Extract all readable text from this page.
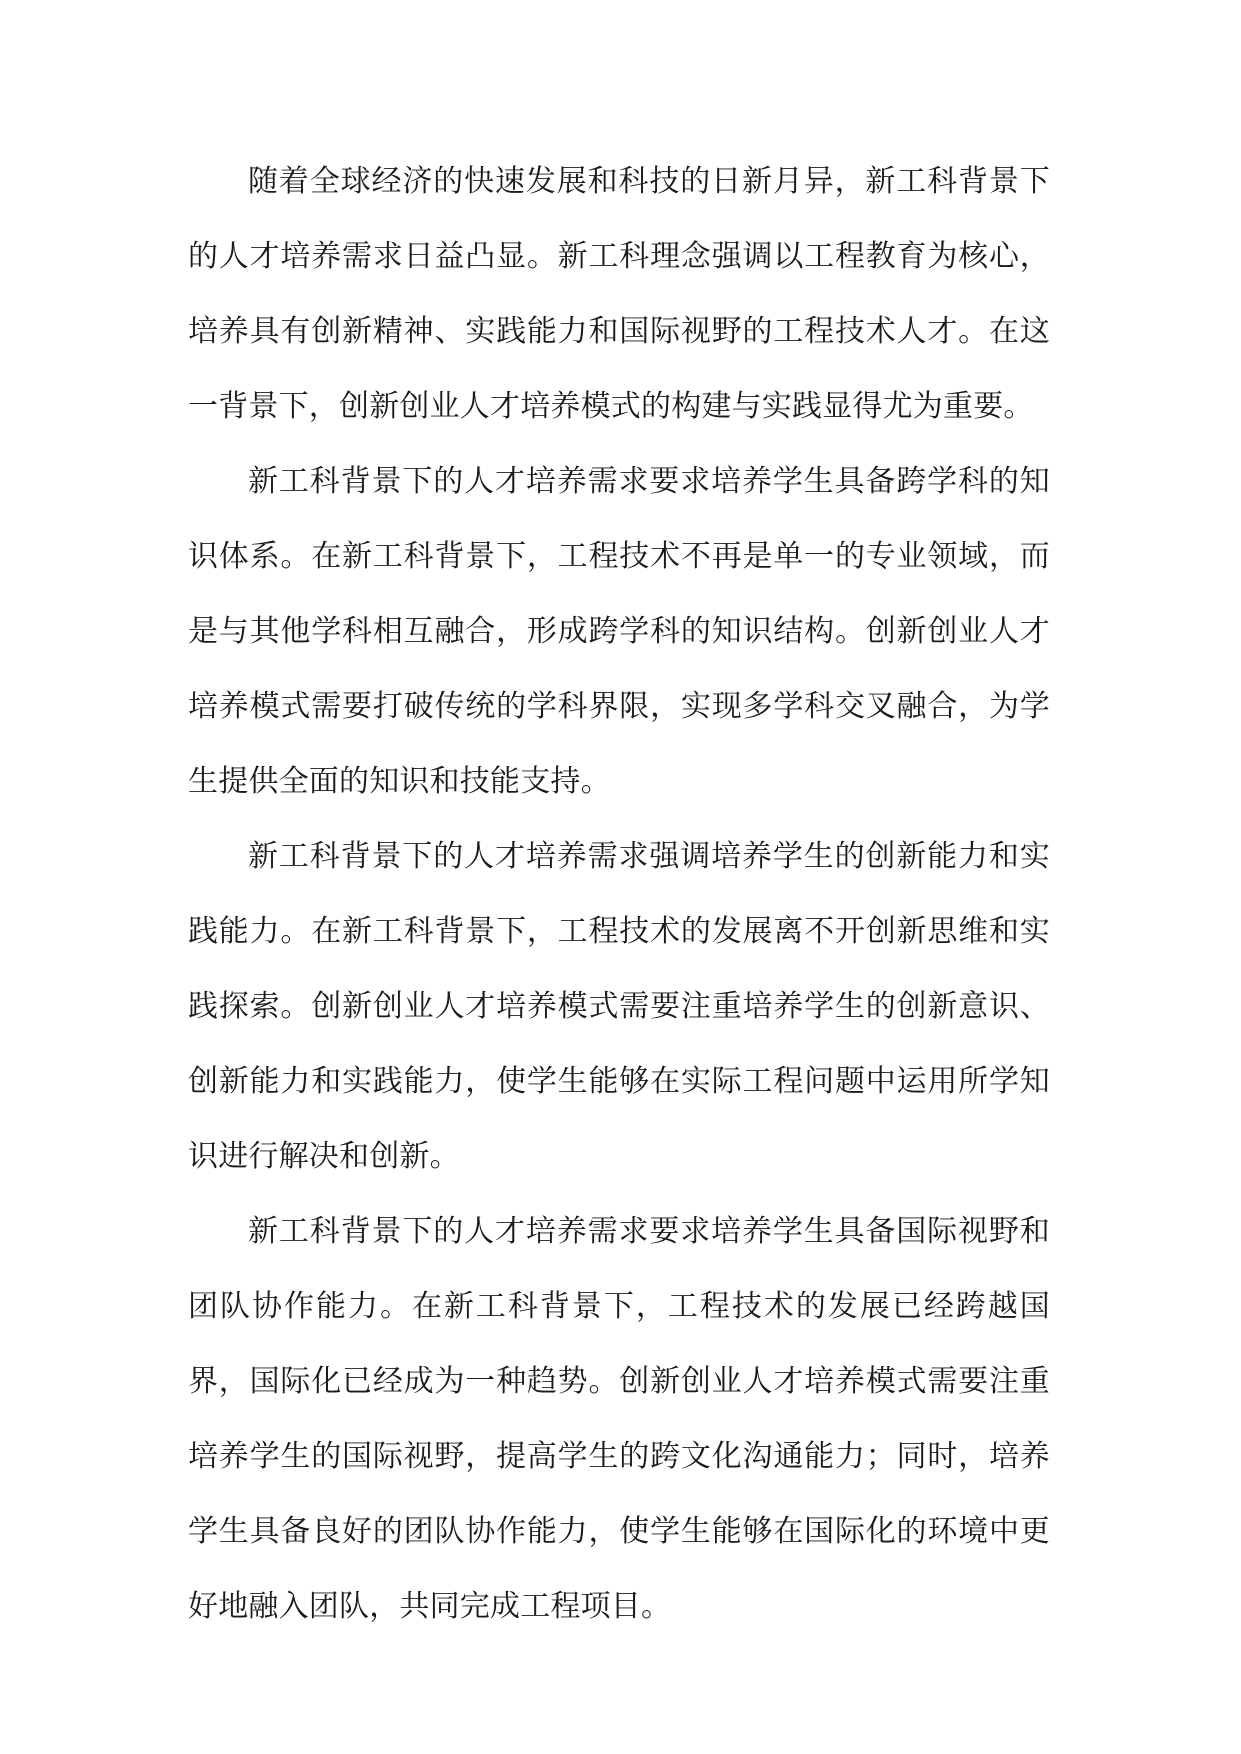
随着全球经济的快速发展和科技的日新月异，新工科背景下的人才培养需求日益凸显。新工科理念强调以工程教育为核心，培养具有创新精神、实践能力和国际视野的工程技术人才。在这一背景下，创新创业人才培养模式的构建与实践显得尤为重要。

新工科背景下的人才培养需求要求培养学生具备跨学科的知识体系。在新工科背景下，工程技术不再是单一的专业领域，而是与其他学科相互融合，形成跨学科的知识结构。创新创业人才培养模式需要打破传统的学科界限，实现多学科交叉融合，为学生提供全面的知识和技能支持。

新工科背景下的人才培养需求强调培养学生的创新能力和实践能力。在新工科背景下，工程技术的发展离不开创新思维和实践探索。创新创业人才培养模式需要注重培养学生的创新意识、创新能力和实践能力，使学生能够在实际工程问题中运用所学知识进行解决和创新。

新工科背景下的人才培养需求要求培养学生具备国际视野和团队协作能力。在新工科背景下，工程技术的发展已经跨越国界，国际化已经成为一种趋势。创新创业人才培养模式需要注重培养学生的国际视野，提高学生的跨文化沟通能力；同时，培养学生具备良好的团队协作能力，使学生能够在国际化的环境中更好地融入团队，共同完成工程项目。
